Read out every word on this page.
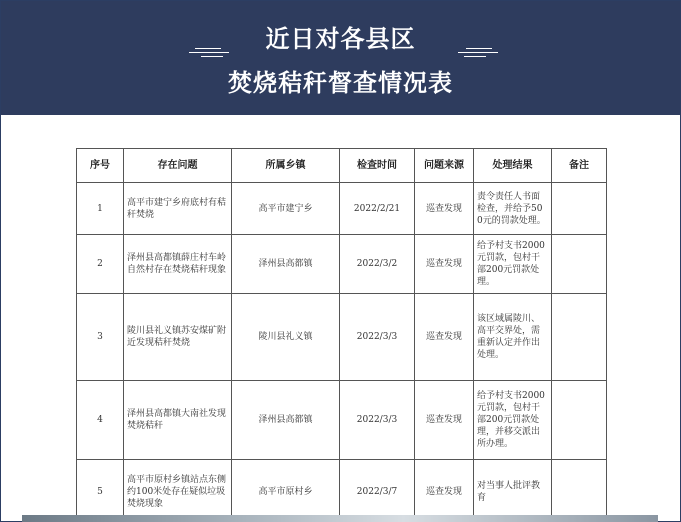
近日对各县区
焚烧秸秆督查情况表
序号	存在问题	所属乡镇	检查时间	问题来源	处理结果	备注
1	高平市建宁乡府底村有秸秆焚烧	高平市建宁乡	2022/2/21	巡查发现	责令责任人书面检查，并给予500元的罚款处理。	
2	泽州县高都镇薛庄村车岭自然村存在焚烧秸秆现象	泽州县高都镇	2022/3/2	巡查发现	给予村支书2000元罚款，包村干部200元罚款处理。	
3	陵川县礼义镇苏安煤矿附近发现秸秆焚烧	陵川县礼义镇	2022/3/3	巡查发现	该区域属陵川、高平交界处，需重新认定并作出处理。	
4	泽州县高都镇大南社发现焚烧秸秆	泽州县高都镇	2022/3/3	巡查发现	给予村支书2000元罚款，包村干部200元罚款处理，并移交派出所办理。	
5	高平市原村乡镇站点东侧约100米处存在疑似垃圾焚烧现象	高平市原村乡	2022/3/7	巡查发现	对当事人批评教育	
